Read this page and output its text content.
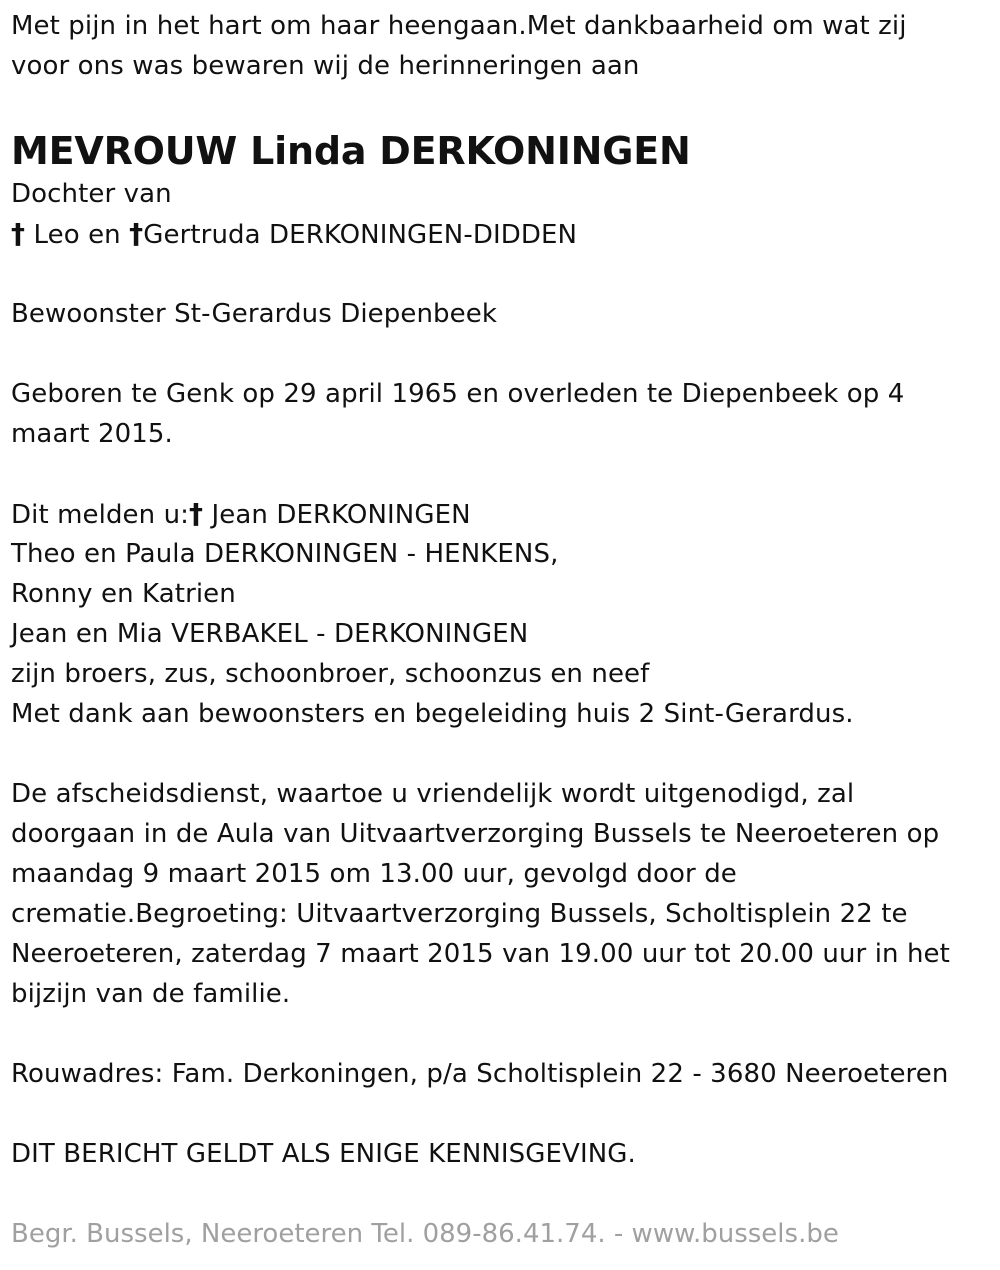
Met pijn in het hart om haar heengaan.Met dankbaarheid om wat zij
voor ons was bewaren wij de herinneringen aan
MEVROUW Linda DERKONINGEN
Dochter van
† Leo en †Gertruda DERKONINGEN-DIDDEN
Bewoonster St-Gerardus Diepenbeek
Geboren te Genk op 29 april 1965 en overleden te Diepenbeek op 4
maart 2015.
Dit melden u:† Jean DERKONINGEN
Theo en Paula DERKONINGEN - HENKENS,
Ronny en Katrien
Jean en Mia VERBAKEL - DERKONINGEN
zijn broers, zus, schoonbroer, schoonzus en neef
Met dank aan bewoonsters en begeleiding huis 2 Sint-Gerardus.
De afscheidsdienst, waartoe u vriendelijk wordt uitgenodigd, zal
doorgaan in de Aula van Uitvaartverzorging Bussels te Neeroeteren op
maandag 9 maart 2015 om 13.00 uur, gevolgd door de
crematie.Begroeting: Uitvaartverzorging Bussels, Scholtisplein 22 te
Neeroeteren, zaterdag 7 maart 2015 van 19.00 uur tot 20.00 uur in het
bijzijn van de familie.
Rouwadres: Fam. Derkoningen, p/a Scholtisplein 22 - 3680 Neeroeteren
DIT BERICHT GELDT ALS ENIGE KENNISGEVING.
Begr. Bussels, Neeroeteren Tel. 089-86.41.74. - www.bussels.be
